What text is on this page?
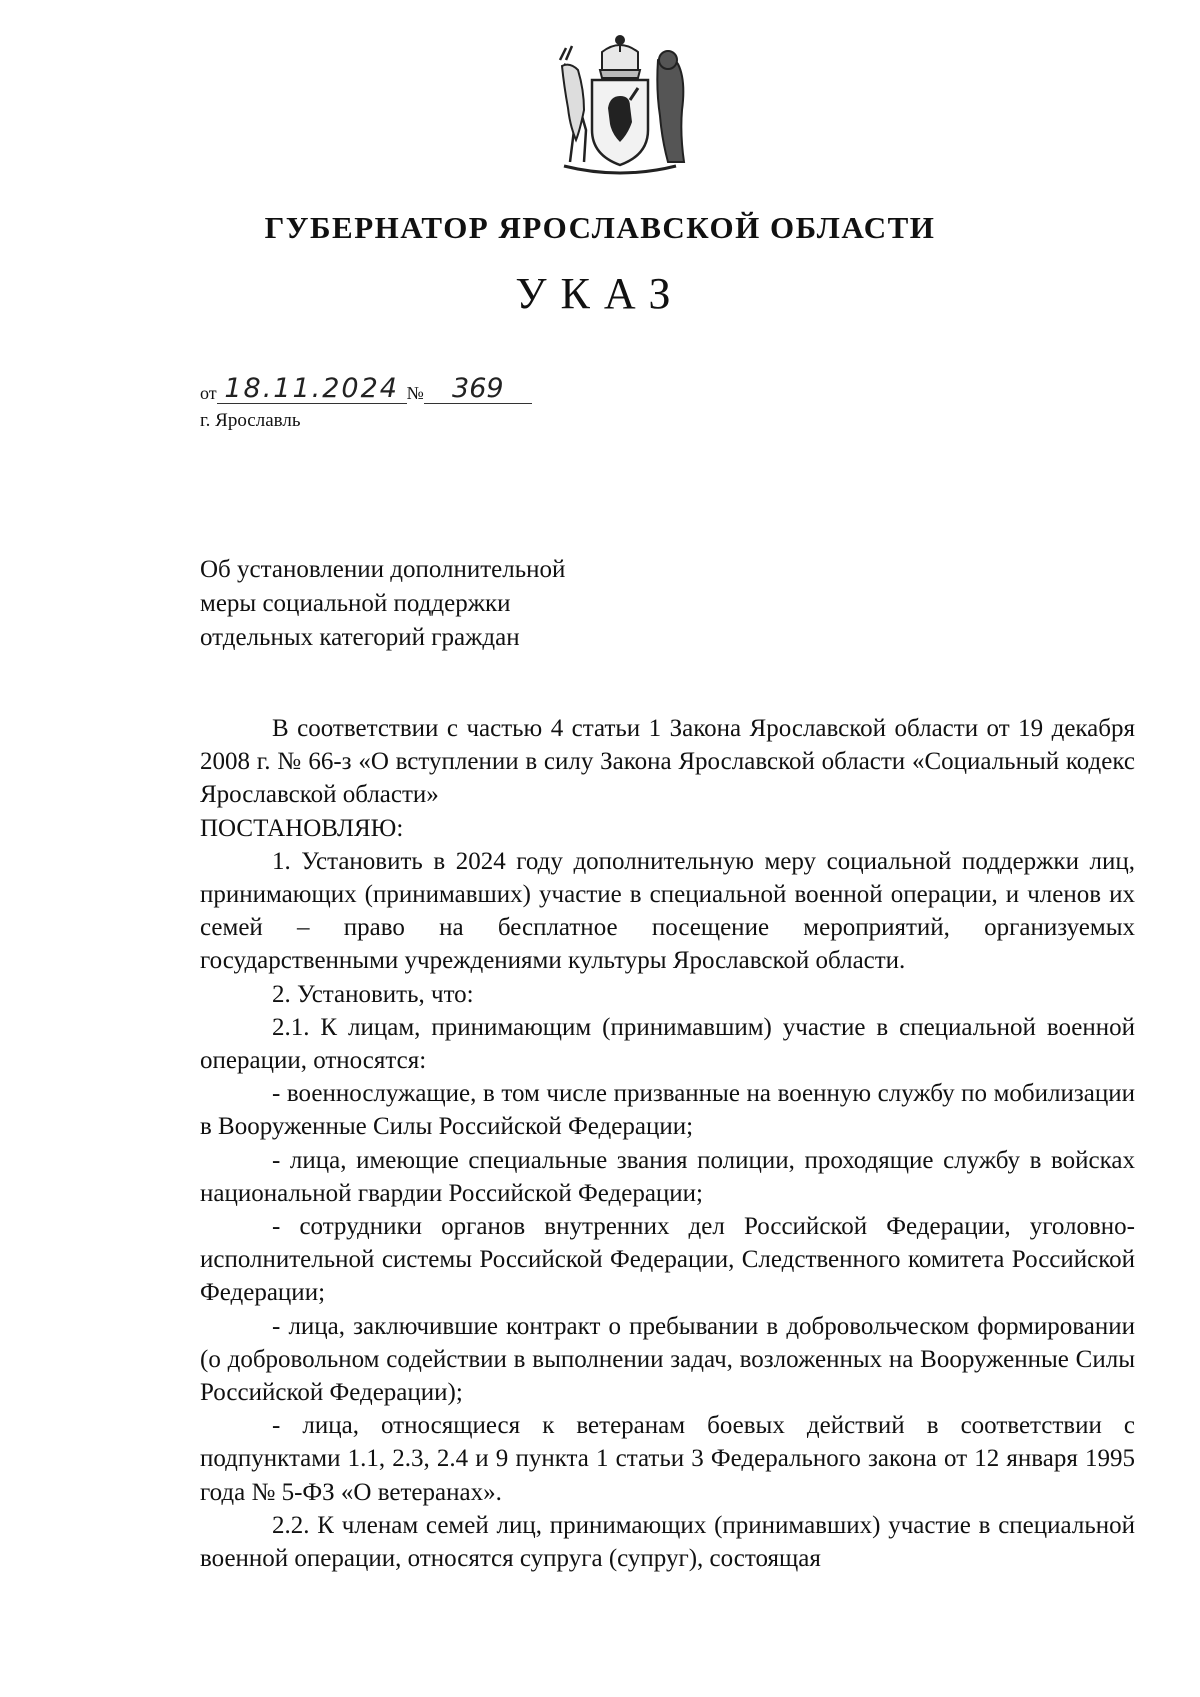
ГУБЕРНАТОР ЯРОСЛАВСКОЙ ОБЛАСТИ
УКАЗ
от 18.11.2024 №	369
г. Ярославль
Об установлении дополнительной
меры социальной поддержки
отдельных категорий граждан

В соответствии с частью 4 статьи 1 Закона Ярославской области от 19 декабря 2008 г. № 66-з «О вступлении в силу Закона Ярославской области «Социальный кодекс Ярославской области»

ПОСТАНОВЛЯЮ:

1. Установить в 2024 году дополнительную меру социальной поддержки лиц, принимающих (принимавших) участие в специальной военной операции, и членов их семей – право на бесплатное посещение мероприятий, организуемых государственными учреждениями культуры Ярославской области.

2. Установить, что:

2.1. К лицам, принимающим (принимавшим) участие в специальной военной операции, относятся:

- военнослужащие, в том числе призванные на военную службу по мобилизации в Вооруженные Силы Российской Федерации;

- лица, имеющие специальные звания полиции, проходящие службу в войсках национальной гвардии Российской Федерации;

- сотрудники органов внутренних дел Российской Федерации, уголовно-исполнительной системы Российской Федерации, Следственного комитета Российской Федерации;

- лица, заключившие контракт о пребывании в добровольческом формировании (о добровольном содействии в выполнении задач, возложенных на Вооруженные Силы Российской Федерации);

- лица, относящиеся к ветеранам боевых действий в соответствии с подпунктами 1.1, 2.3, 2.4 и 9 пункта 1 статьи 3 Федерального закона от 12 января 1995 года № 5-ФЗ «О ветеранах».

2.2. К членам семей лиц, принимающих (принимавших) участие в специальной военной операции, относятся супруга (супруг), состоящая
